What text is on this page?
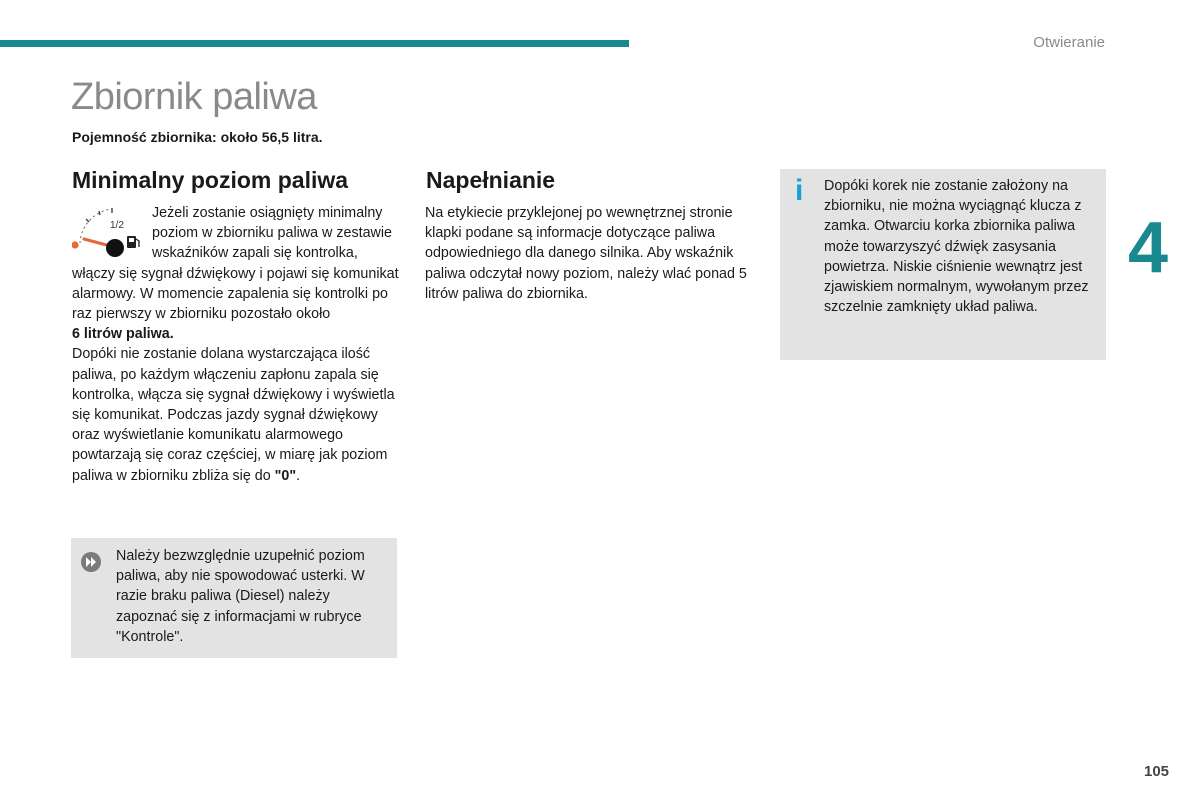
Otwieranie
4
Zbiornik paliwa
Pojemność zbiornika: około 56,5 litra.
Minimalny poziom paliwa

1/2
Jeżeli zostanie osiągnięty minimalny poziom w zbiorniku paliwa w zestawie wskaźników zapali się kontrolka, włączy się sygnał dźwiękowy i pojawi się komunikat alarmowy. W momencie zapalenia się kontrolki po raz pierwszy w zbiorniku pozostało około
6 litrów paliwa.

Dopóki nie zostanie dolana wystarczająca ilość paliwa, po każdym włączeniu zapłonu zapala się kontrolka, włącza się sygnał dźwiękowy i wyświetla się komunikat. Podczas jazdy sygnał dźwiękowy oraz wyświetlanie komunikatu alarmowego powtarzają się coraz częściej, w miarę jak poziom paliwa w zbiorniku zbliża się do "0".

Należy bezwzględnie uzupełnić poziom paliwa, aby nie spowodować usterki. W razie braku paliwa (Diesel) należy zapoznać się z informacjami w rubryce "Kontrole".

Napełnianie

Na etykiecie przyklejonej po wewnętrznej stronie klapki podane są informacje dotyczące paliwa odpowiedniego dla danego silnika. Aby wskaźnik paliwa odczytał nowy poziom, należy wlać ponad 5 litrów paliwa do zbiornika.

i Dopóki korek nie zostanie założony na zbiorniku, nie można wyciągnąć klucza z zamka. Otwarciu korka zbiornika paliwa może towarzyszyć dźwięk zasysania powietrza. Niskie ciśnienie wewnątrz jest zjawiskiem normalnym, wywołanym przez szczelnie zamknięty układ paliwa.

105
